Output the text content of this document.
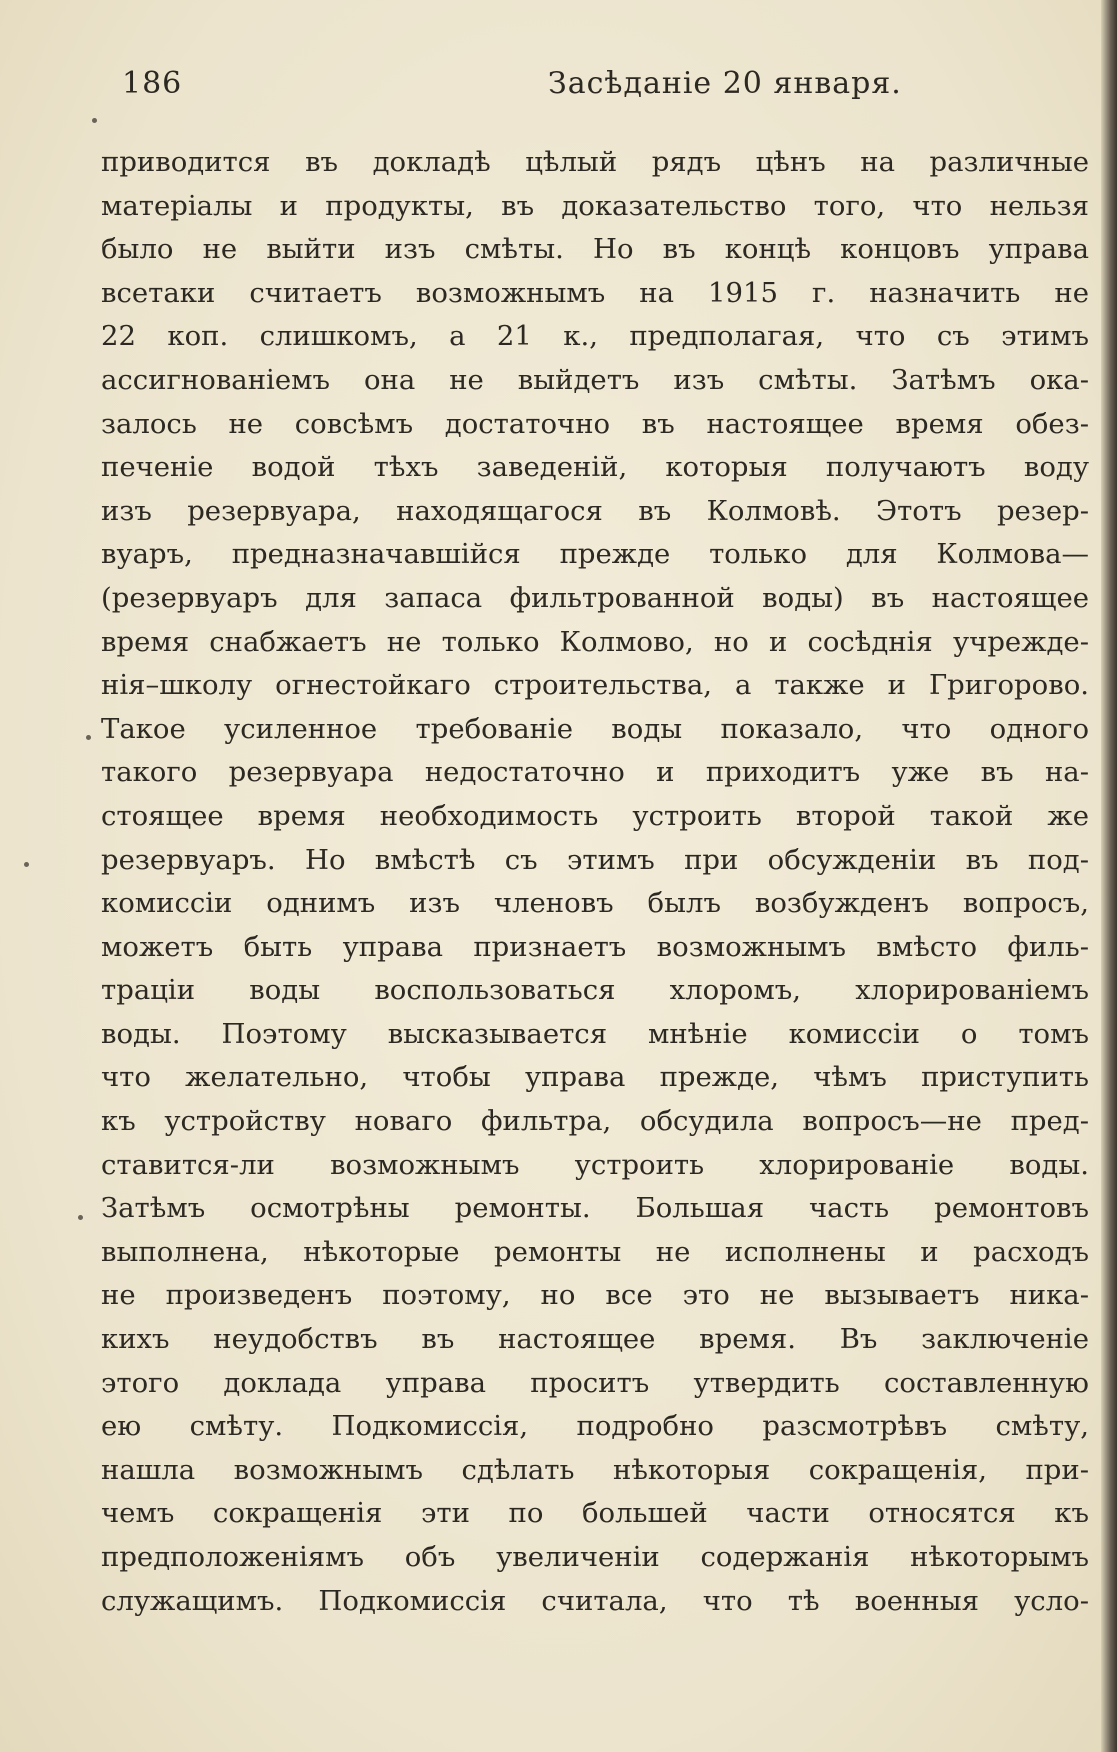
186	Засѣданіе 20 января.
приводится въ докладѣ цѣлый рядъ цѣнъ на различные
матеріалы и продукты, въ доказательство того, что нельзя
было не выйти изъ смѣты. Но въ концѣ концовъ управа
всетаки считаетъ возможнымъ на 1915 г. назначить не
22 коп. слишкомъ, а 21 к., предполагая, что съ этимъ
ассигнованіемъ она не выйдетъ изъ смѣты. Затѣмъ ока-
залось не совсѣмъ достаточно въ настоящее время обез-
печеніе водой тѣхъ заведеній, которыя получаютъ воду
изъ резервуара, находящагося въ Колмовѣ. Этотъ резер-
вуаръ, предназначавшійся прежде только для Колмова—
(резервуаръ для запаса фильтрованной воды) въ настоящее
время снабжаетъ не только Колмово, но и сосѣднія учрежде-
нія–школу огнестойкаго строительства, а также и Григорово.
Такое усиленное требованіе воды показало, что одного
такого резервуара недостаточно и приходитъ уже въ на-
стоящее время необходимость устроить второй такой же
резервуаръ. Но вмѣстѣ съ этимъ при обсужденіи въ под-
комиссіи однимъ изъ членовъ былъ возбужденъ вопросъ,
можетъ быть управа признаетъ возможнымъ вмѣсто филь-
траціи воды воспользоваться хлоромъ, хлорированіемъ
воды. Поэтому высказывается мнѣніе комиссіи о томъ
что желательно, чтобы управа прежде, чѣмъ приступить
къ устройству новаго фильтра, обсудила вопросъ—не пред-
ставится-ли возможнымъ устроить хлорированіе воды.
Затѣмъ осмотрѣны ремонты. Большая часть ремонтовъ
выполнена, нѣкоторые ремонты не исполнены и расходъ
не произведенъ поэтому, но все это не вызываетъ ника-
кихъ неудобствъ въ настоящее время. Въ заключеніе
этого доклада управа проситъ утвердить составленную
ею смѣту. Подкомиссія, подробно разсмотрѣвъ смѣту,
нашла возможнымъ сдѣлать нѣкоторыя сокращенія, при-
чемъ сокращенія эти по большей части относятся къ
предположеніямъ объ увеличеніи содержанія нѣкоторымъ
служащимъ. Подкомиссія считала, что тѣ военныя усло-
